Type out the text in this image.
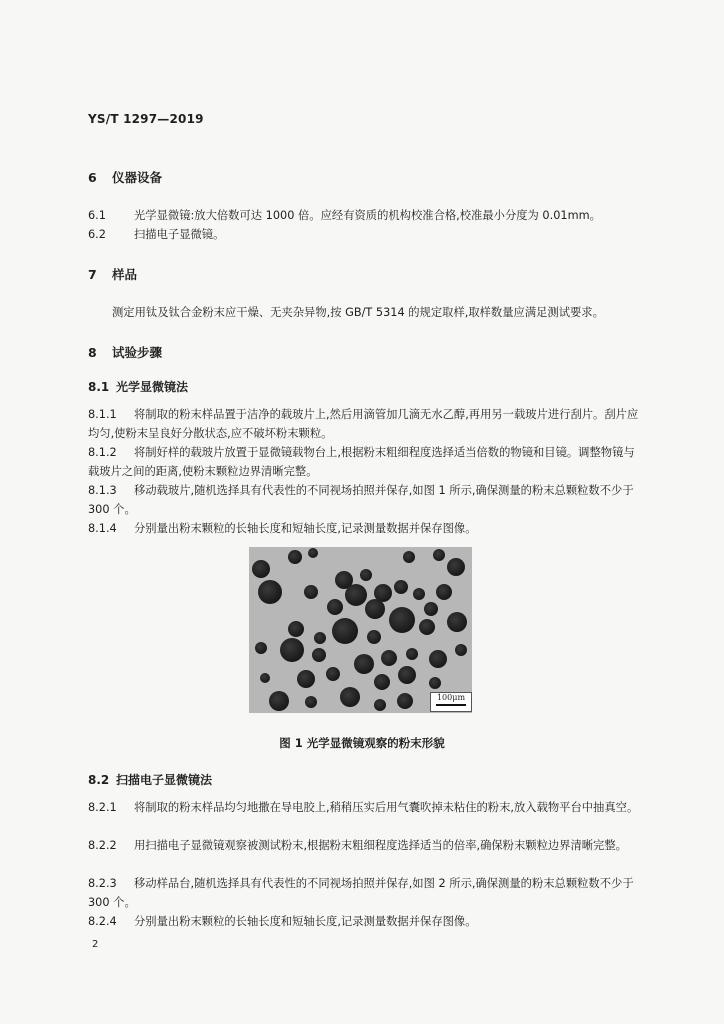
YS/T 1297—2019
6 仪器设备
6.1 光学显微镜:放大倍数可达 1000 倍。应经有资质的机构校准合格,校准最小分度为 0.01mm。
6.2 扫描电子显微镜。
7 样品
测定用钛及钛合金粉末应干燥、无夹杂异物,按 GB/T 5314 的规定取样,取样数量应满足测试要求。
8 试验步骤
8.1 光学显微镜法
8.1.1 将制取的粉末样品置于洁净的载玻片上,然后用滴管加几滴无水乙醇,再用另一载玻片进行刮片。刮片应均匀,使粉末呈良好分散状态,应不破坏粉末颗粒。
8.1.2 将制好样的载玻片放置于显微镜载物台上,根据粉末粗细程度选择适当倍数的物镜和目镜。调整物镜与载玻片之间的距离,使粉末颗粒边界清晰完整。
8.1.3 移动载玻片,随机选择具有代表性的不同视场拍照并保存,如图 1 所示,确保测量的粉末总颗粒数不少于 300 个。
8.1.4 分别量出粉末颗粒的长轴长度和短轴长度,记录测量数据并保存图像。
100μm
图 1 光学显微镜观察的粉末形貌
8.2 扫描电子显微镜法
8.2.1 将制取的粉末样品均匀地撒在导电胶上,稍稍压实后用气囊吹掉未粘住的粉末,放入载物平台中抽真空。
8.2.2 用扫描电子显微镜观察被测试粉末,根据粉末粗细程度选择适当的倍率,确保粉末颗粒边界清晰完整。
8.2.3 移动样品台,随机选择具有代表性的不同视场拍照并保存,如图 2 所示,确保测量的粉末总颗粒数不少于 300 个。
8.2.4 分别量出粉末颗粒的长轴长度和短轴长度,记录测量数据并保存图像。
2
